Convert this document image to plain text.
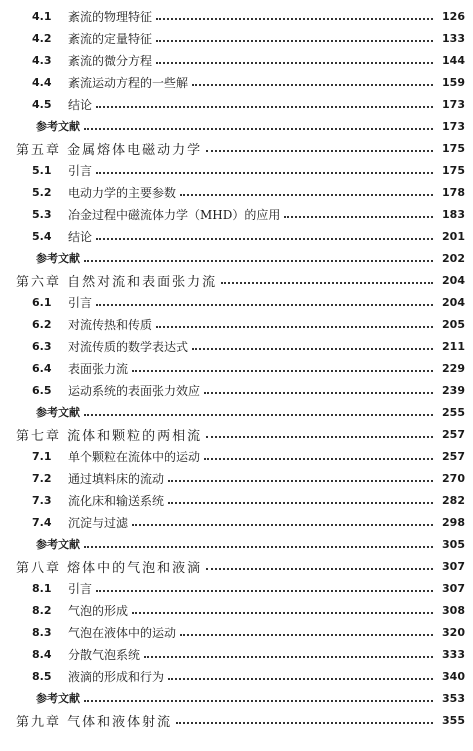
4.1	紊流的物理特征	126
4.2	紊流的定量特征	133
4.3	紊流的微分方程	144
4.4	紊流运动方程的一些解	159
4.5	结论	173
参考文献	173
第五章 金属熔体电磁动力学	175
5.1	引言	175
5.2	电动力学的主要参数	178
5.3	冶金过程中磁流体力学（MHD）的应用	183
5.4	结论	201
参考文献	202
第六章 自然对流和表面张力流	204
6.1	引言	204
6.2	对流传热和传质	205
6.3	对流传质的数学表达式	211
6.4	表面张力流	229
6.5	运动系统的表面张力效应	239
参考文献	255
第七章 流体和颗粒的两相流	257
7.1	单个颗粒在流体中的运动	257
7.2	通过填料床的流动	270
7.3	流化床和输送系统	282
7.4	沉淀与过滤	298
参考文献	305
第八章 熔体中的气泡和液滴	307
8.1	引言	307
8.2	气泡的形成	308
8.3	气泡在液体中的运动	320
8.4	分散气泡系统	333
8.5	液滴的形成和行为	340
参考文献	353
第九章 气体和液体射流	355
